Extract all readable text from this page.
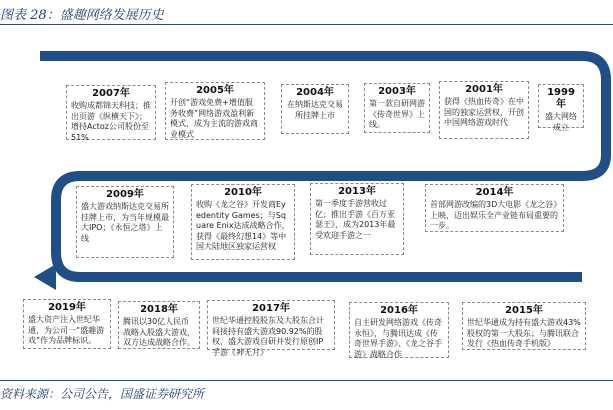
图表 28：盛趣网络发展历史
2007年
收购成都锦天科技；推出页游《纵横天下》；增持Actoz公司股份至51%
2005年
开创“游戏免费+增值服务收费”网络游戏盈利新模式，成为主流的游戏商业模式
2004年
在纳斯达克交易所挂牌上市
2003年
第一款自研网游《传奇世界》上线。
2001年
获得《热血传奇》在中国的独家运营权，开创中国网络游戏时代
1999年
盛大网络成立
2009年
盛大游戏纳斯达克交易所挂牌上市，为当年规模最大IPO；《永恒之塔》上线
2010年
收购《龙之谷》开发商Eyedentity Games；与Square Enix达成战略合作，获得《最终幻想14》等中国大陆地区独家运营权
2013年
第一季度手游营收过亿；推出手游《百万亚瑟王》，成为2013年最受欢迎手游之一
2014年
首部网游改编的3D大电影《龙之谷》上映，迈出娱乐全产业链布局重要的一步。
2019年
盛大资产注入世纪华通，为公司一“盛趣游戏”作为品牌标识。
2018年
腾讯以30亿人民币战略入股盛大游戏，双方达成战略合作。
2017年
世纪华通控股股东及大股东合计间接持有盛大游戏90.92%的股权，盛大游戏自研并发行原创IP手游《神无月》
2016年
自主研发网络游戏《传奇永恒》，与腾讯达成《传奇世界手游》、《龙之谷手游》战略合作
2015年
世纪华通成为持有盛大游戏43%股权的第一大股东；与腾讯联合发行《热血传奇手机版》
资料来源：公司公告，国盛证券研究所
